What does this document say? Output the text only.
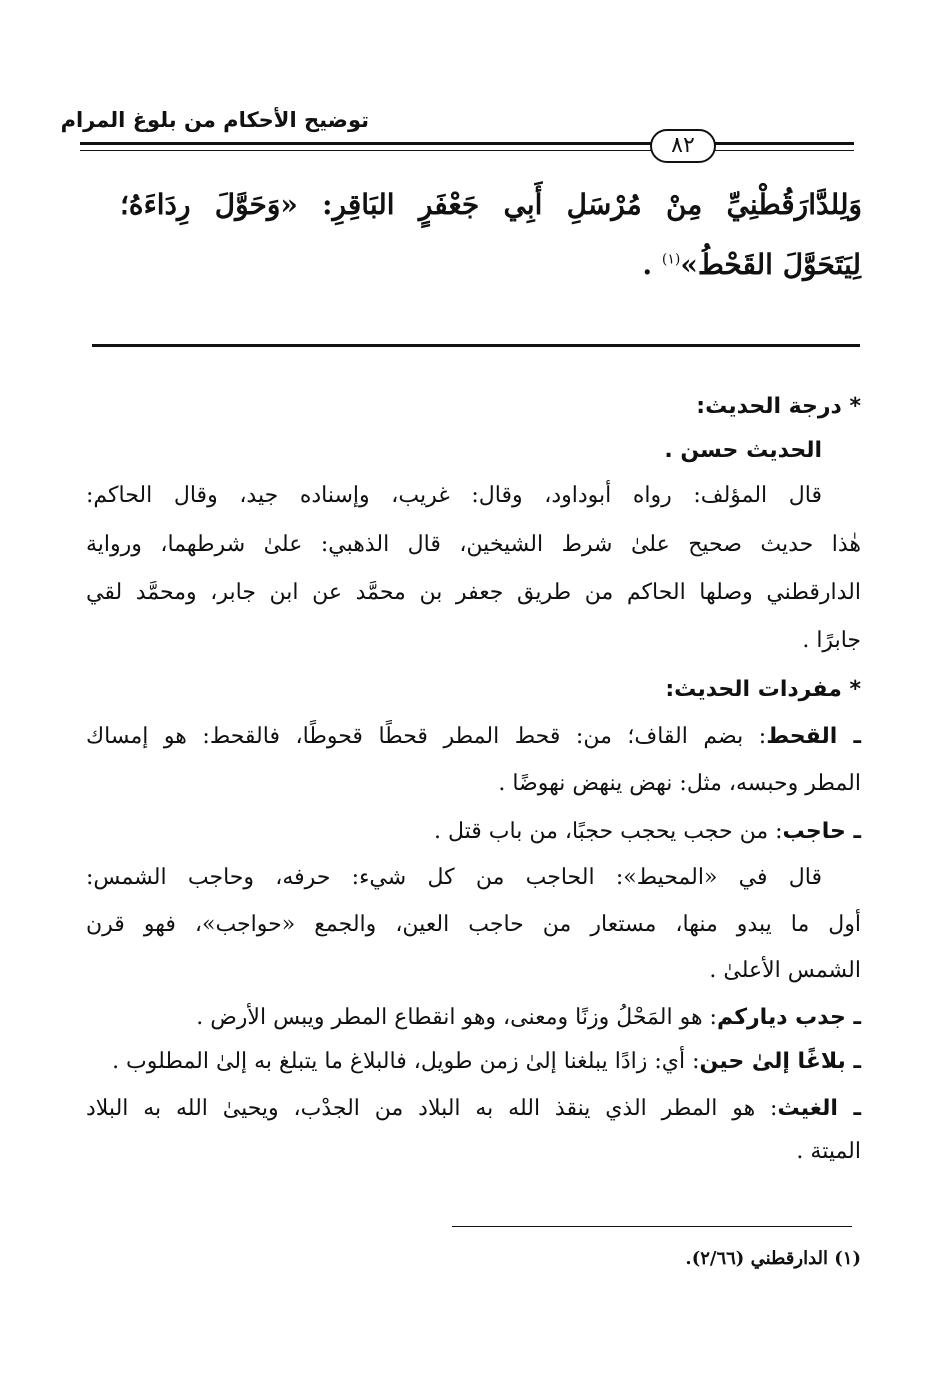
توضيح الأحكام من بلوغ المرام
٨٢
وَلِلدَّارَقُطْنِيِّ مِنْ مُرْسَلِ أَبِي جَعْفَرٍ البَاقِرِ: «وَحَوَّلَ رِدَاءَهُ؛
لِيَتَحَوَّلَ القَحْطُ»$^{(١)}$ .
* درجة الحديث:
الحديث حسن .
قال المؤلف: رواه أبوداود، وقال: غريب، وإسناده جيد، وقال الحاكم:
هٰذا حديث صحيح علىٰ شرط الشيخين، قال الذهبي: علىٰ شرطهما، ورواية
الدارقطني وصلها الحاكم من طريق جعفر بن محمَّد عن ابن جابر، ومحمَّد لقي
جابرًا .
* مفردات الحديث:
ـ القحط: بضم القاف؛ من: قحط المطر قحطًا قحوطًا، فالقحط: هو إمساك
المطر وحبسه، مثل: نهض ينهض نهوضًا .
ـ حاجب: من حجب يحجب حجبًا، من باب قتل .
قال في «المحيط»: الحاجب من كل شيء: حرفه، وحاجب الشمس:
أول ما يبدو منها، مستعار من حاجب العين، والجمع «حواجب»، فهو قرن
الشمس الأعلىٰ .
ـ جدب دياركم: هو المَحْلُ وزنًا ومعنى، وهو انقطاع المطر ويبس الأرض .
ـ بلاغًا إلىٰ حين: أي: زادًا يبلغنا إلىٰ زمن طويل، فالبلاغ ما يتبلغ به إلىٰ المطلوب .
ـ الغيث: هو المطر الذي ينقذ الله به البلاد من الجدْب، ويحيىٰ الله به البلاد
الميتة .
(١) الدارقطني (٢/٦٦).
